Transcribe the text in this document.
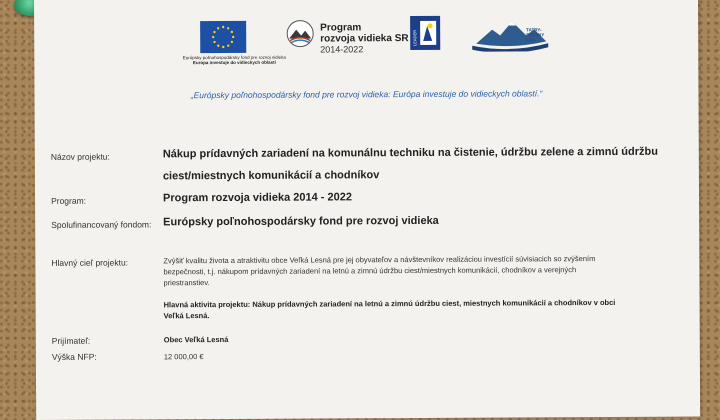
Európsky poľnohospodársky fond pre rozvoj vidieka
Európa investuje do vidieckych oblastí
Program
rozvoja vidieka SR
2014-2022
LEADER
TATRY-PIENINY LAG
„Európsky poľnohospodársky fond pre rozvoj vidieka: Európa investuje do vidieckych oblastí.“
Názov projektu:	Nákup prídavných zariadení na komunálnu techniku na čistenie, údržbu zelene a zimnú údržbu
ciest/miestnych komunikácií a chodníkov
Program:	Program rozvoja vidieka 2014 - 2022
Spolufinancovaný fondom: Európsky poľnohospodársky fond pre rozvoj vidieka
Hlavný cieľ projektu:	Zvýšiť kvalitu života a atraktivitu obce Veľká Lesná pre jej obyvateľov a návštevníkov realizáciou investícií súvisiacich so zvýšením
bezpečnosti, t.j. nákupom prídavných zariadení na letnú a zimnú údržbu ciest/miestnych komunikácií, chodníkov a verejných
priestranstiev.
Hlavná aktivita projektu: Nákup prídavných zariadení na letnú a zimnú údržbu ciest, miestnych komunikácií a chodníkov v obci
Veľká Lesná.
Prijímateľ:	Obec Veľká Lesná
Výška NFP:	12 000,00 €
